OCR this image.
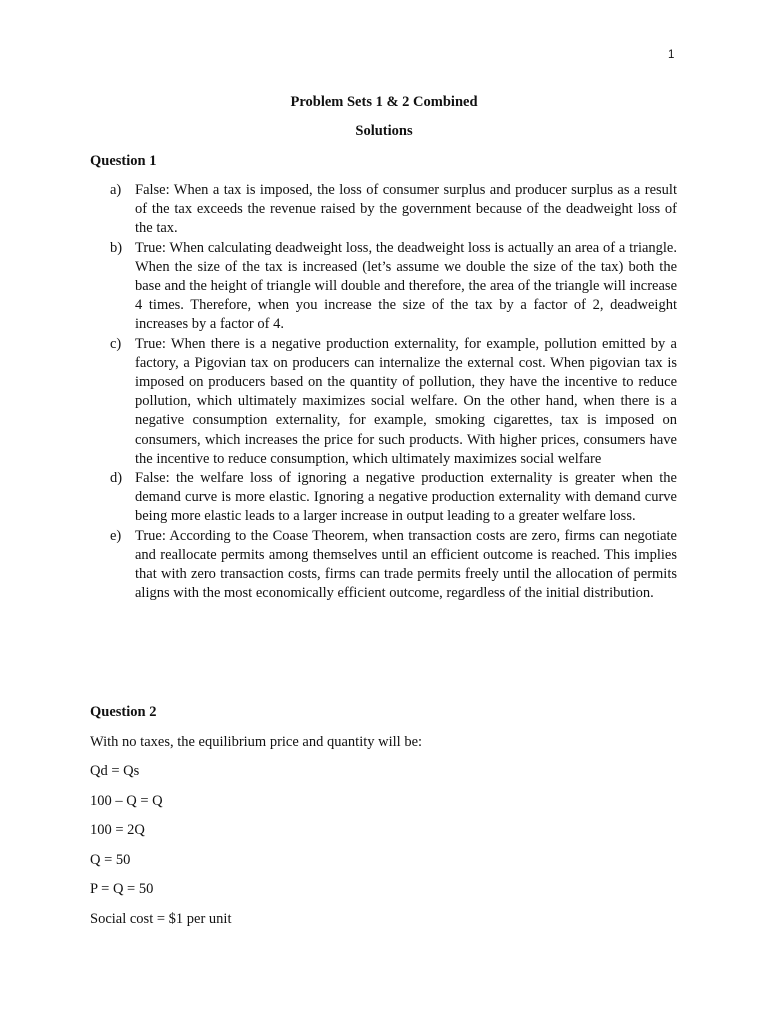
1
Problem Sets 1 & 2 Combined
Solutions
Question 1
a) False: When a tax is imposed, the loss of consumer surplus and producer surplus as a result of the tax exceeds the revenue raised by the government because of the deadweight loss of the tax.
b) True: When calculating deadweight loss, the deadweight loss is actually an area of a triangle. When the size of the tax is increased (let’s assume we double the size of the tax) both the base and the height of triangle will double and therefore, the area of the triangle will increase 4 times. Therefore, when you increase the size of the tax by a factor of 2, deadweight increases by a factor of 4.
c) True: When there is a negative production externality, for example, pollution emitted by a factory, a Pigovian tax on producers can internalize the external cost. When pigovian tax is imposed on producers based on the quantity of pollution, they have the incentive to reduce pollution, which ultimately maximizes social welfare. On the other hand, when there is a negative consumption externality, for example, smoking cigarettes, tax is imposed on consumers, which increases the price for such products. With higher prices, consumers have the incentive to reduce consumption, which ultimately maximizes social welfare
d) False: the welfare loss of ignoring a negative production externality is greater when the demand curve is more elastic. Ignoring a negative production externality with demand curve being more elastic leads to a larger increase in output leading to a greater welfare loss.
e) True: According to the Coase Theorem, when transaction costs are zero, firms can negotiate and reallocate permits among themselves until an efficient outcome is reached. This implies that with zero transaction costs, firms can trade permits freely until the allocation of permits aligns with the most economically efficient outcome, regardless of the initial distribution.
Question 2
With no taxes, the equilibrium price and quantity will be:
Qd = Qs
100 – Q = Q
100 = 2Q
Q = 50
P = Q = 50
Social cost = $1 per unit
